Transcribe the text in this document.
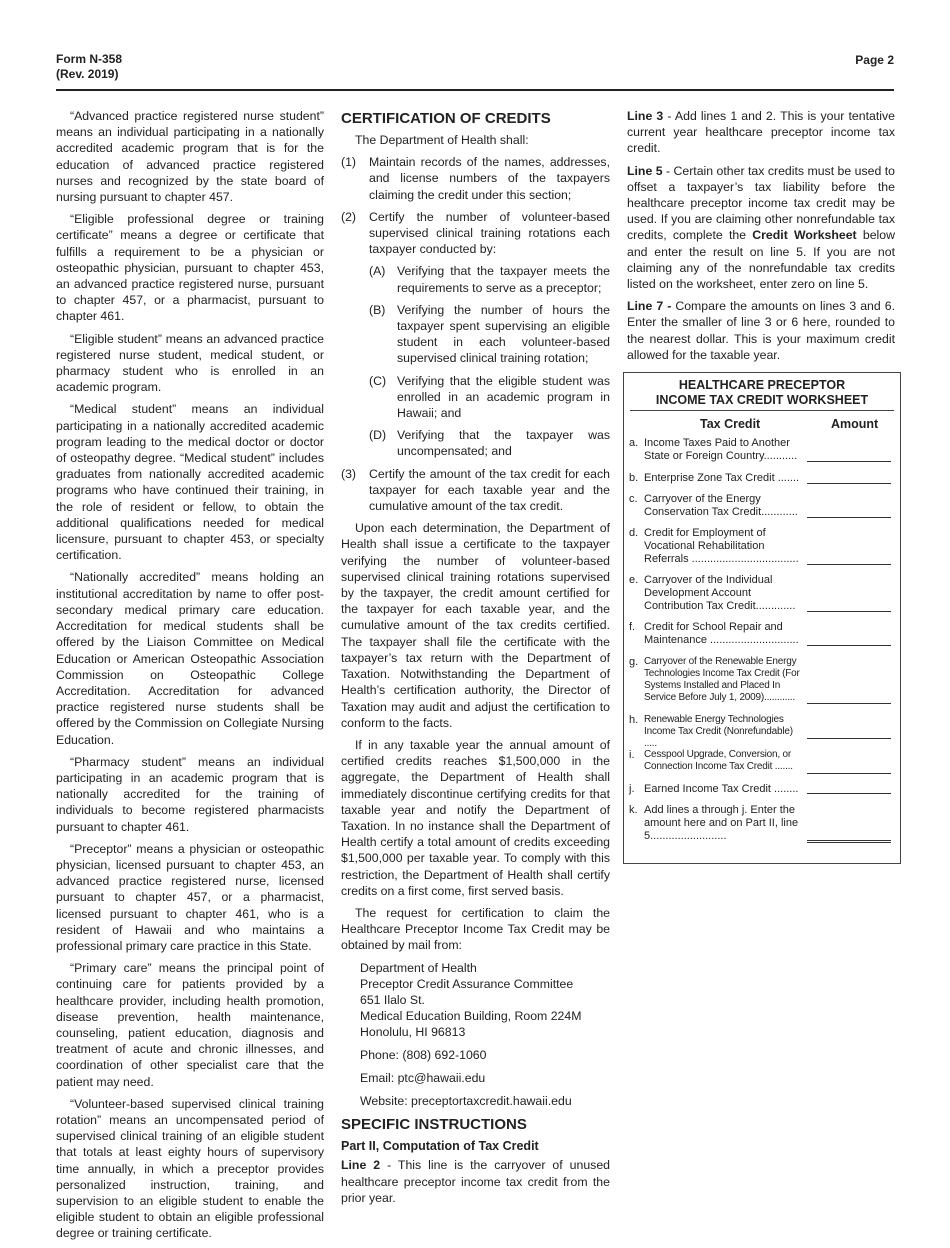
Form N-358
(Rev. 2019)
Page 2

“Advanced practice registered nurse student” means an individual participating in a nationally accredited academic program that is for the education of advanced practice registered nurses and recognized by the state board of nursing pursuant to chapter 457.

“Eligible professional degree or training certificate” means a degree or certificate that fulfills a requirement to be a physician or osteopathic physician, pursuant to chapter 453, an advanced practice registered nurse, pursuant to chapter 457, or a pharmacist, pursuant to chapter 461.

“Eligible student” means an advanced practice registered nurse student, medical student, or pharmacy student who is enrolled in an academic program.

“Medical student” means an individual participating in a nationally accredited academic program leading to the medical doctor or doctor of osteopathy degree. “Medical student” includes graduates from nationally accredited academic programs who have continued their training, in the role of resident or fellow, to obtain the additional qualifications needed for medical licensure, pursuant to chapter 453, or specialty certification.

“Nationally accredited” means holding an institutional accreditation by name to offer post-secondary medical primary care education. Accreditation for medical students shall be offered by the Liaison Committee on Medical Education or American Osteopathic Association Commission on Osteopathic College Accreditation. Accreditation for advanced practice registered nurse students shall be offered by the Commission on Collegiate Nursing Education.

“Pharmacy student” means an individual participating in an academic program that is nationally accredited for the training of individuals to become registered pharmacists pursuant to chapter 461.

“Preceptor” means a physician or osteopathic physician, licensed pursuant to chapter 453, an advanced practice registered nurse, licensed pursuant to chapter 457, or a pharmacist, licensed pursuant to chapter 461, who is a resident of Hawaii and who maintains a professional primary care practice in this State.

“Primary care” means the principal point of continuing care for patients provided by a healthcare provider, including health promotion, disease prevention, health maintenance, counseling, patient education, diagnosis and treatment of acute and chronic illnesses, and coordination of other specialist care that the patient may need.

“Volunteer-based supervised clinical training rotation” means an uncompensated period of supervised clinical training of an eligible student that totals at least eighty hours of supervisory time annually, in which a preceptor provides personalized instruction, training, and supervision to an eligible student to enable the eligible student to obtain an eligible professional degree or training certificate.

CERTIFICATION OF CREDITS

The Department of Health shall:

(1)	Maintain records of the names, addresses, and license numbers of the taxpayers claiming the credit under this section;
(2)	Certify the number of volunteer-based supervised clinical training rotations each taxpayer conducted by:
(A) Verifying that the taxpayer meets the requirements to serve as a preceptor;
(B) Verifying the number of hours the taxpayer spent supervising an eligible student in each volunteer-based supervised clinical training rotation;
(C) Verifying that the eligible student was enrolled in an academic program in Hawaii; and
(D) Verifying that the taxpayer was uncompensated; and
(3)	Certify the amount of the tax credit for each taxpayer for each taxable year and the cumulative amount of the tax credit.

Upon each determination, the Department of Health shall issue a certificate to the taxpayer verifying the number of volunteer-based supervised clinical training rotations supervised by the taxpayer, the credit amount certified for the taxpayer for each taxable year, and the cumulative amount of the tax credits certified. The taxpayer shall file the certificate with the taxpayer’s tax return with the Department of Taxation. Notwithstanding the Department of Health’s certification authority, the Director of Taxation may audit and adjust the certification to conform to the facts.

If in any taxable year the annual amount of certified credits reaches $1,500,000 in the aggregate, the Department of Health shall immediately discontinue certifying credits for that taxable year and notify the Department of Taxation. In no instance shall the Department of Health certify a total amount of credits exceeding $1,500,000 per taxable year. To comply with this restriction, the Department of Health shall certify credits on a first come, first served basis.

The request for certification to claim the Healthcare Preceptor Income Tax Credit may be obtained by mail from:

Department of Health
Preceptor Credit Assurance Committee
651 Ilalo St.
Medical Education Building, Room 224M
Honolulu, HI 96813
Phone: (808) 692-1060
Email: ptc@hawaii.edu
Website: preceptortaxcredit.hawaii.edu
SPECIFIC INSTRUCTIONS
Part II, Computation of Tax Credit

Line 2 - This line is the carryover of unused healthcare preceptor income tax credit from the prior year.

Line 3 - Add lines 1 and 2. This is your tentative current year healthcare preceptor income tax credit.

Line 5 - Certain other tax credits must be used to offset a taxpayer’s tax liability before the healthcare preceptor income tax credit may be used. If you are claiming other nonrefundable tax credits, complete the Credit Worksheet below and enter the result on line 5. If you are not claiming any of the nonrefundable tax credits listed on the worksheet, enter zero on line 5.

Line 7 - Compare the amounts on lines 3 and 6. Enter the smaller of line 3 or 6 here, rounded to the nearest dollar. This is your maximum credit allowed for the taxable year.

HEALTHCARE PRECEPTOR
INCOME TAX CREDIT WORKSHEET
Tax Credit	Amount
a. Income Taxes Paid to Another State or Foreign Country...........
b. Enterprise Zone Tax Credit .......
c. Carryover of the Energy Conservation Tax Credit............
d. Credit for Employment of Vocational Rehabilitation Referrals ...................................
e. Carryover of the Individual Development Account Contribution Tax Credit.............
f. Credit for School Repair and Maintenance .............................
g. Carryover of the Renewable Energy Technologies Income Tax Credit (For Systems Installed and Placed In Service Before July 1, 2009)............
h. Renewable Energy Technologies Income Tax Credit (Nonrefundable) .....
i. Cesspool Upgrade, Conversion, or Connection Income Tax Credit .......
j. Earned Income Tax Credit ........
k. Add lines a through j. Enter the amount here and on Part II, line 5.........................
